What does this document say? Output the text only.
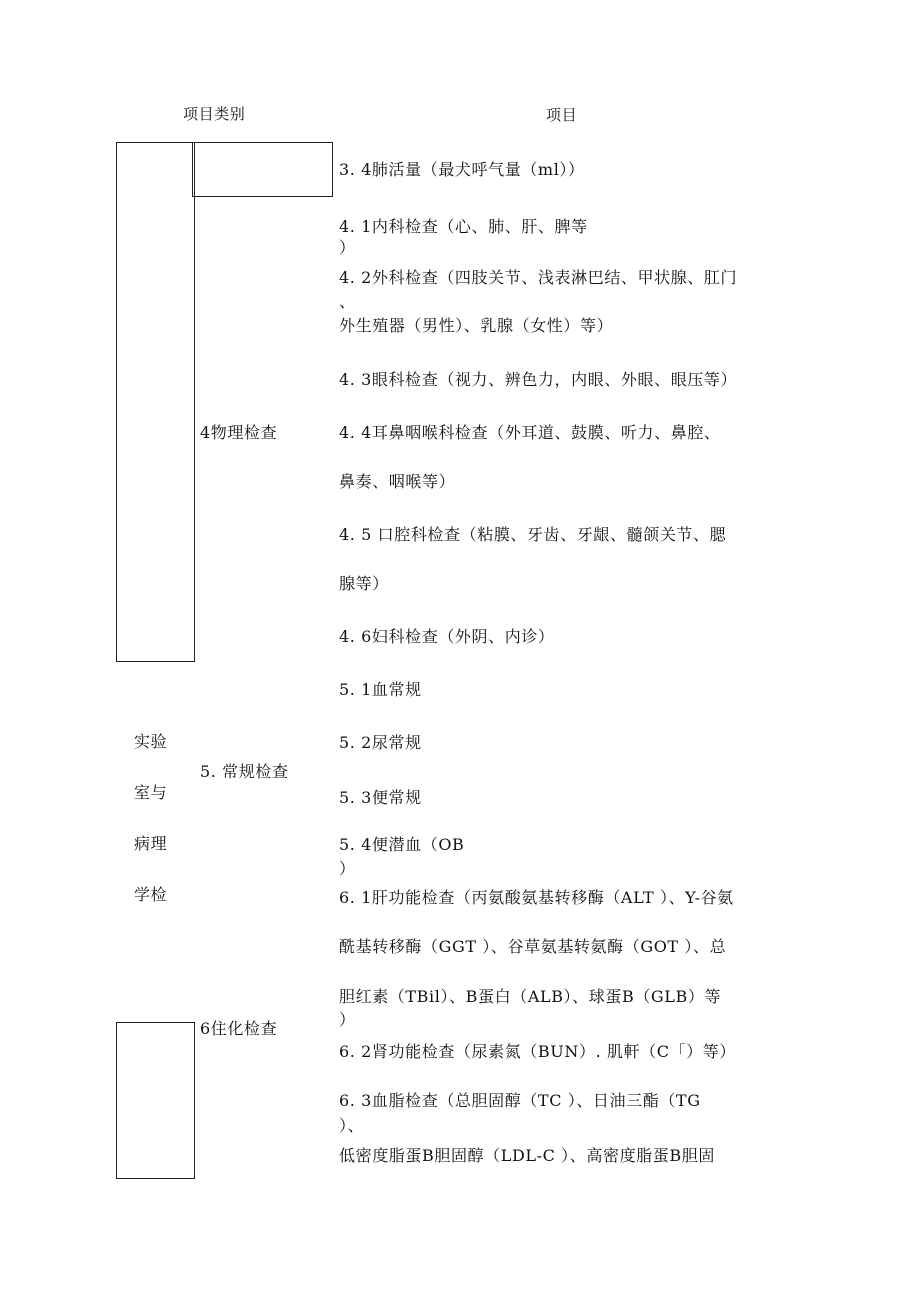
项目类别	项目
实验
室与
病理
学检
4物理检查
5. 常规检查
6住化检查
3. 4肺活量（最犬呼气量（ml））
4. 1内科检查（心、肺、肝、脾等
）
4. 2外科检查（四肢关节、浅表淋巴结、甲状腺、肛门
、
外生殖器（男性）、乳腺（女性）等）
4. 3眼科检查（视力、辨色力，内眼、外眼、眼压等）
4. 4耳鼻咽喉科检查（外耳道、鼓膜、听力、鼻腔、
鼻奏、咽喉等）
4. 5 口腔科检查（粘膜、牙齿、牙龈、髓颌关节、腮
腺等）
4. 6妇科检查（外阴、内诊）
5. 1血常规
5. 2尿常规
5. 3便常规
5. 4便潜血（OB
）
6. 1肝功能检查（丙氨酸氨基转移酶（ALT ）、Y-谷氨
酰基转移酶（GGT ）、谷草氨基转氨酶（GOT ）、总
胆红素（TBil）、B蛋白（ALB）、球蛋B（GLB）等
）
6. 2肾功能检查（尿素氮（BUN）. 肌軒（C「）等）
6. 3血脂检查（总胆固醇（TC ）、日油三酯（TG
）、
低密度脂蛋B胆固醇（LDL-C ）、高密度脂蛋B胆固
